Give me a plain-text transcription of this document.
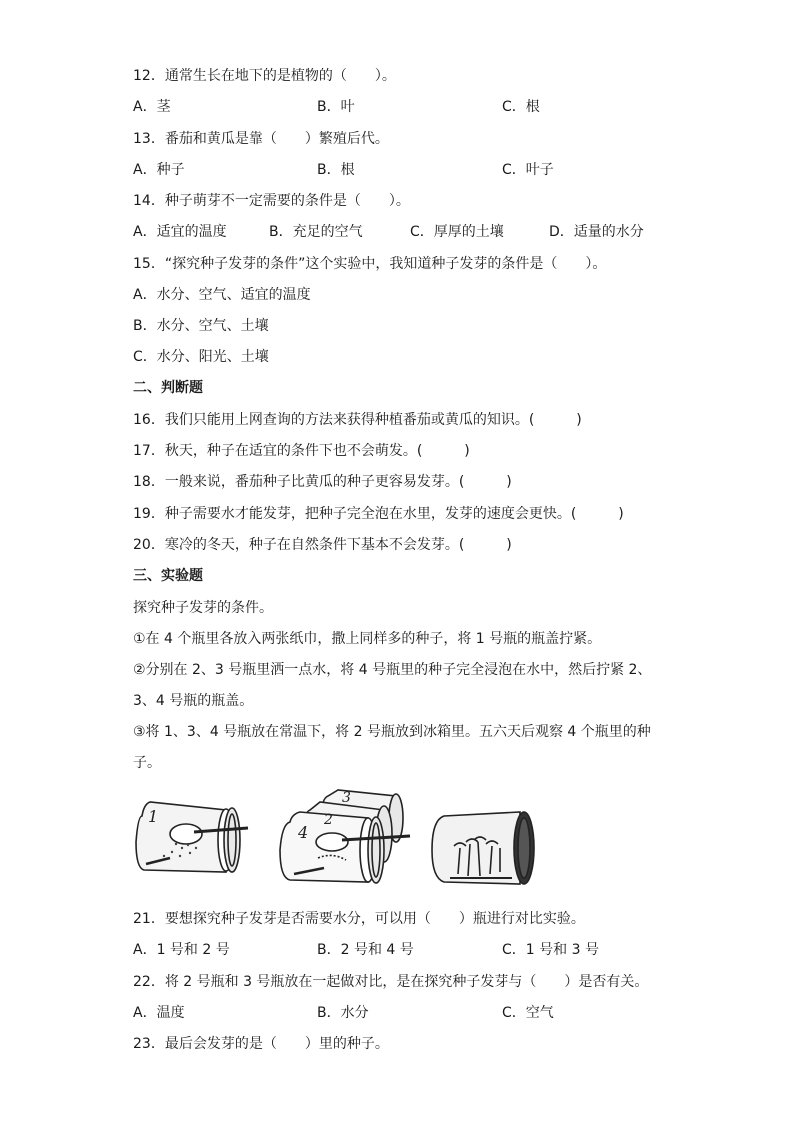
12．通常生长在地下的是植物的（　　）。
A．茎	B．叶	C．根
13．番茄和黄瓜是靠（　　）繁殖后代。
A．种子	B．根	C．叶子
14．种子萌芽不一定需要的条件是（　　）。
A．适宜的温度	B．充足的空气	C．厚厚的土壤	D．适量的水分
15．“探究种子发芽的条件”这个实验中，我知道种子发芽的条件是（　　）。
A．水分、空气、适宜的温度
B．水分、空气、土壤
C．水分、阳光、土壤
二、判断题
16．我们只能用上网查询的方法来获得种植番茄或黄瓜的知识。(　　　)
17．秋天，种子在适宜的条件下也不会萌发。(　　　)
18．一般来说，番茄种子比黄瓜的种子更容易发芽。(　　　)
19．种子需要水才能发芽，把种子完全泡在水里，发芽的速度会更快。(　　　)
20．寒冷的冬天，种子在自然条件下基本不会发芽。(　　　)
三、实验题
探究种子发芽的条件。
①在 4 个瓶里各放入两张纸巾，撒上同样多的种子，将 1 号瓶的瓶盖拧紧。
②分别在 2、3 号瓶里洒一点水，将 4 号瓶里的种子完全浸泡在水中，然后拧紧 2、
3、4 号瓶的瓶盖。
③将 1、3、4 号瓶放在常温下，将 2 号瓶放到冰箱里。五六天后观察 4 个瓶里的种
子。
1	2
3
4
21．要想探究种子发芽是否需要水分，可以用（　　）瓶进行对比实验。
A．1 号和 2 号	B．2 号和 4 号	C．1 号和 3 号
22．将 2 号瓶和 3 号瓶放在一起做对比，是在探究种子发芽与（　　）是否有关。
A．温度	B．水分	C．空气
23．最后会发芽的是（　　）里的种子。
